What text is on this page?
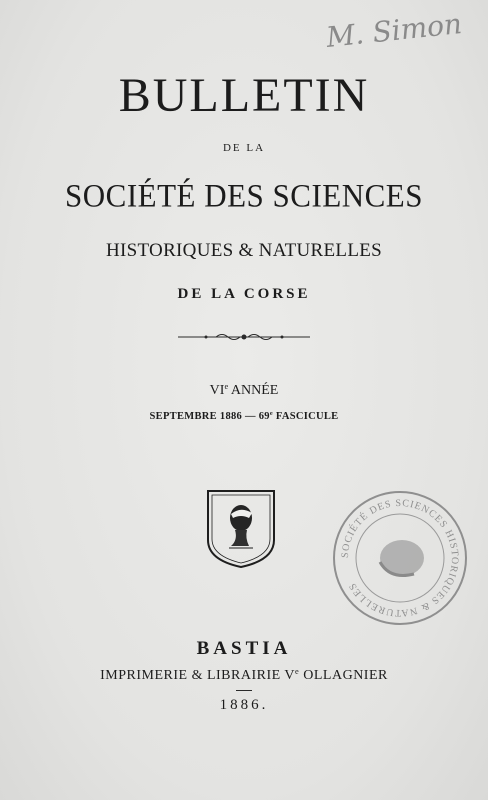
M. Simon
BULLETIN
DE LA
SOCIÉTÉ DES SCIENCES
HISTORIQUES & NATURELLES
DE LA CORSE
VIe ANNÉE
SEPTEMBRE 1886 — 69e FASCICULE
SOCIÉTÉ DES SCIENCES HISTORIQUES & NATURELLES
BASTIA
IMPRIMERIE & LIBRAIRIE Ve OLLAGNIER
1886.
